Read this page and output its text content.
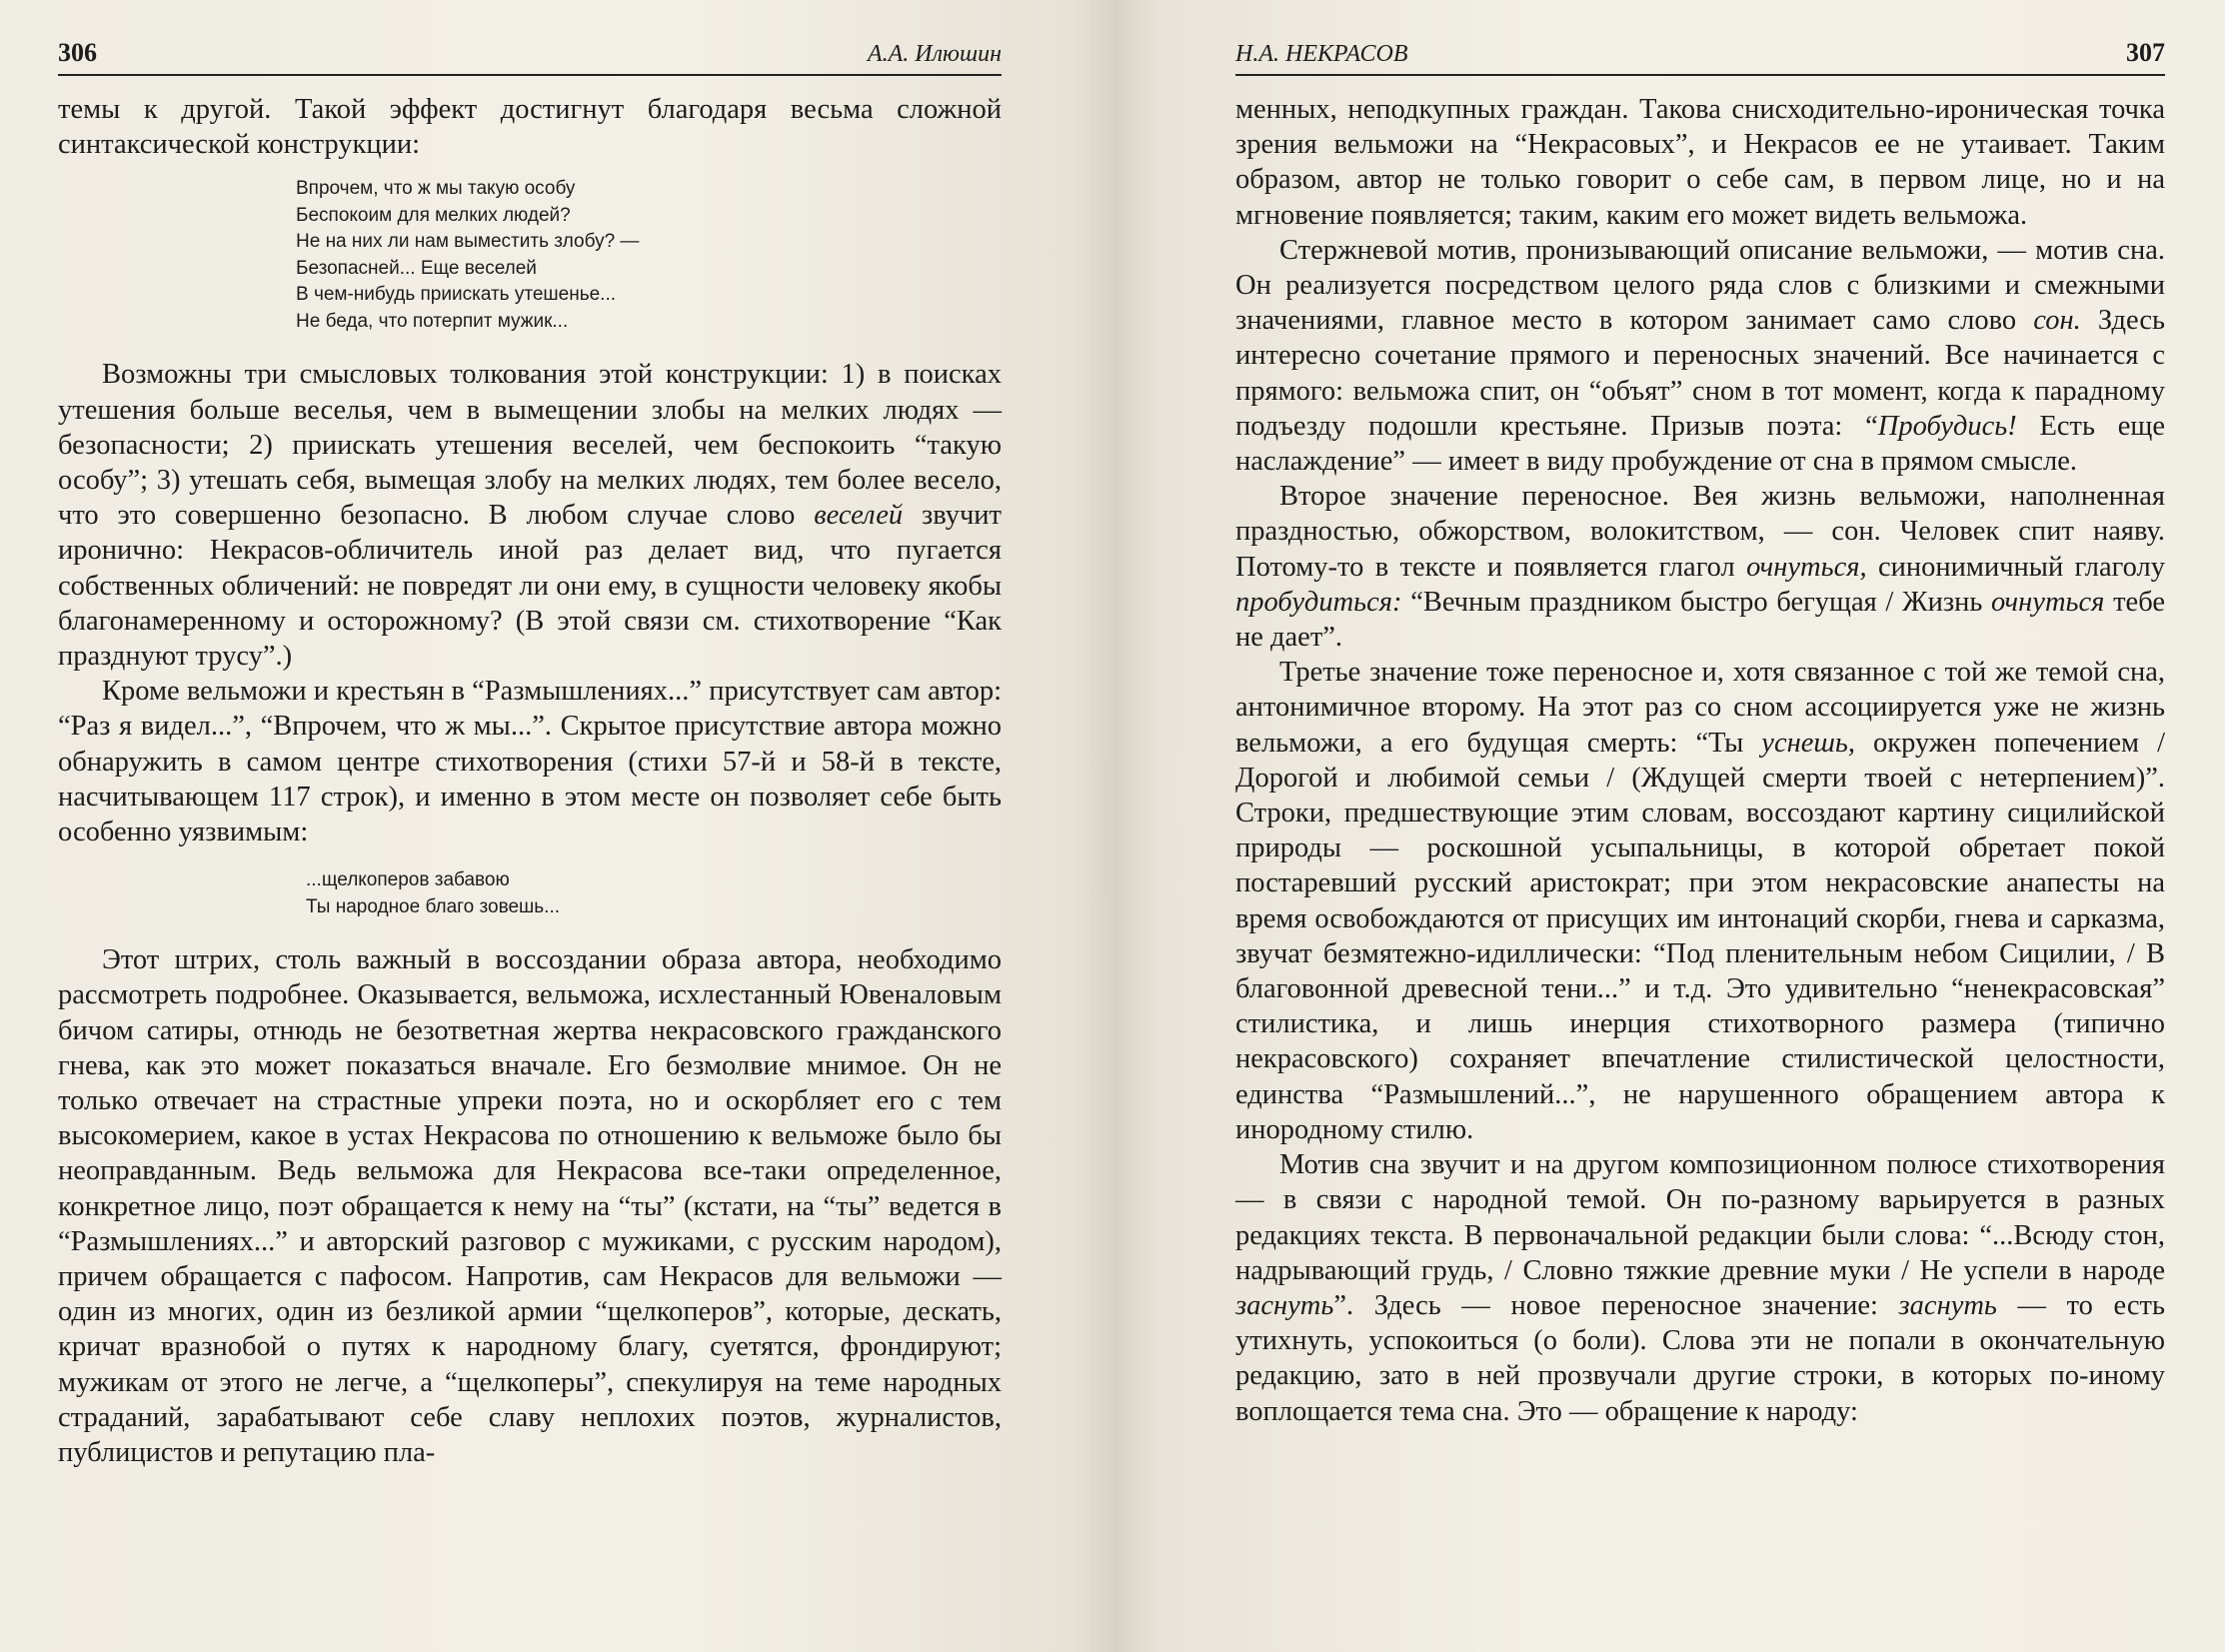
306	А.А. Илюшин

темы к другой. Такой эффект достигнут благодаря весьма сложной синтаксической конструкции:

Впрочем, что ж мы такую особу
Беспокоим для мелких людей?
Не на них ли нам выместить злобу? —
Безопасней... Еще веселей
В чем-нибудь приискать утешенье...
Не беда, что потерпит мужик...

Возможны три смысловых толкования этой конструкции: 1) в поисках утешения больше веселья, чем в вымещении злобы на мелких людях — безопасности; 2) приискать утешения веселей, чем беспокоить “такую особу”; 3) утешать себя, вымещая злобу на мелких людях, тем более весело, что это совершенно безопасно. В любом случае слово веселей звучит иронично: Некрасов-обличитель иной раз делает вид, что пугается собственных обличений: не повредят ли они ему, в сущности человеку якобы благонамеренному и осторожному? (В этой связи см. стихотворение “Как празднуют трусу”.)

Кроме вельможи и крестьян в “Размышлениях...” присутствует сам автор: “Раз я видел...”, “Впрочем, что ж мы...”. Скрытое присутствие автора можно обнаружить в самом центре стихотворения (стихи 57-й и 58-й в тексте, насчитывающем 117 строк), и именно в этом месте он позволяет себе быть особенно уязвимым:

...щелкоперов забавою
Ты народное благо зовешь...

Этот штрих, столь важный в воссоздании образа автора, необходимо рассмотреть подробнее. Оказывается, вельможа, исхлестанный Ювеналовым бичом сатиры, отнюдь не безответная жертва некрасовского гражданского гнева, как это может показаться вначале. Его безмолвие мнимое. Он не только отвечает на страстные упреки поэта, но и оскорбляет его с тем высокомерием, какое в устах Некрасова по отношению к вельможе было бы неоправданным. Ведь вельможа для Некрасова все-таки определенное, конкретное лицо, поэт обращается к нему на “ты” (кстати, на “ты” ведется в “Размышлениях...” и авторский разговор с мужиками, с русским народом), причем обращается с пафосом. Напротив, сам Некрасов для вельможи — один из многих, один из безликой армии “щелкоперов”, которые, дескать, кричат вразнобой о путях к народному благу, суетятся, фрондируют; мужикам от этого не легче, а “щелкоперы”, спекулируя на теме народных страданий, зарабатывают себе славу неплохих поэтов, журналистов, публицистов и репутацию пла-

Н.А. НЕКРАСОВ	307

менных, неподкупных граждан. Такова снисходительно-ироническая точка зрения вельможи на “Некрасовых”, и Некрасов ее не утаивает. Таким образом, автор не только говорит о себе сам, в первом лице, но и на мгновение появляется; таким, каким его может видеть вельможа.

Стержневой мотив, пронизывающий описание вельможи, — мотив сна. Он реализуется посредством целого ряда слов с близкими и смежными значениями, главное место в котором занимает само слово сон. Здесь интересно сочетание прямого и переносных значений. Все начинается с прямого: вельможа спит, он “объят” сном в тот момент, когда к парадному подъезду подошли крестьяне. Призыв поэта: “Пробудись! Есть еще наслаждение” — имеет в виду пробуждение от сна в прямом смысле.

Второе значение переносное. Вея жизнь вельможи, наполненная праздностью, обжорством, волокитством, — сон. Человек спит наяву. Потому-то в тексте и появляется глагол очнуться, синонимичный глаголу пробудиться: “Вечным праздником быстро бегущая / Жизнь очнуться тебе не дает”.

Третье значение тоже переносное и, хотя связанное с той же темой сна, антонимичное второму. На этот раз со сном ассоциируется уже не жизнь вельможи, а его будущая смерть: “Ты уснешь, окружен попечением / Дорогой и любимой семьи / (Ждущей смерти твоей с нетерпением)”. Строки, предшествующие этим словам, воссоздают картину сицилийской природы — роскошной усыпальницы, в которой обретает покой постаревший русский аристократ; при этом некрасовские анапесты на время освобождаются от присущих им интонаций скорби, гнева и сарказма, звучат безмятежно-идиллически: “Под пленительным небом Сицилии, / В благовонной древесной тени...” и т.д. Это удивительно “ненекрасовская” стилистика, и лишь инерция стихотворного размера (типично некрасовского) сохраняет впечатление стилистической целостности, единства “Размышлений...”, не нарушенного обращением автора к инородному стилю.

Мотив сна звучит и на другом композиционном полюсе стихотворения — в связи с народной темой. Он по-разному варьируется в разных редакциях текста. В первоначальной редакции были слова: “...Всюду стон, надрывающий грудь, / Словно тяжкие древние муки / Не успели в народе заснуть”. Здесь — новое переносное значение: заснуть — то есть утихнуть, успокоиться (о боли). Слова эти не попали в окончательную редакцию, зато в ней прозвучали другие строки, в которых по-иному воплощается тема сна. Это — обращение к народу:
